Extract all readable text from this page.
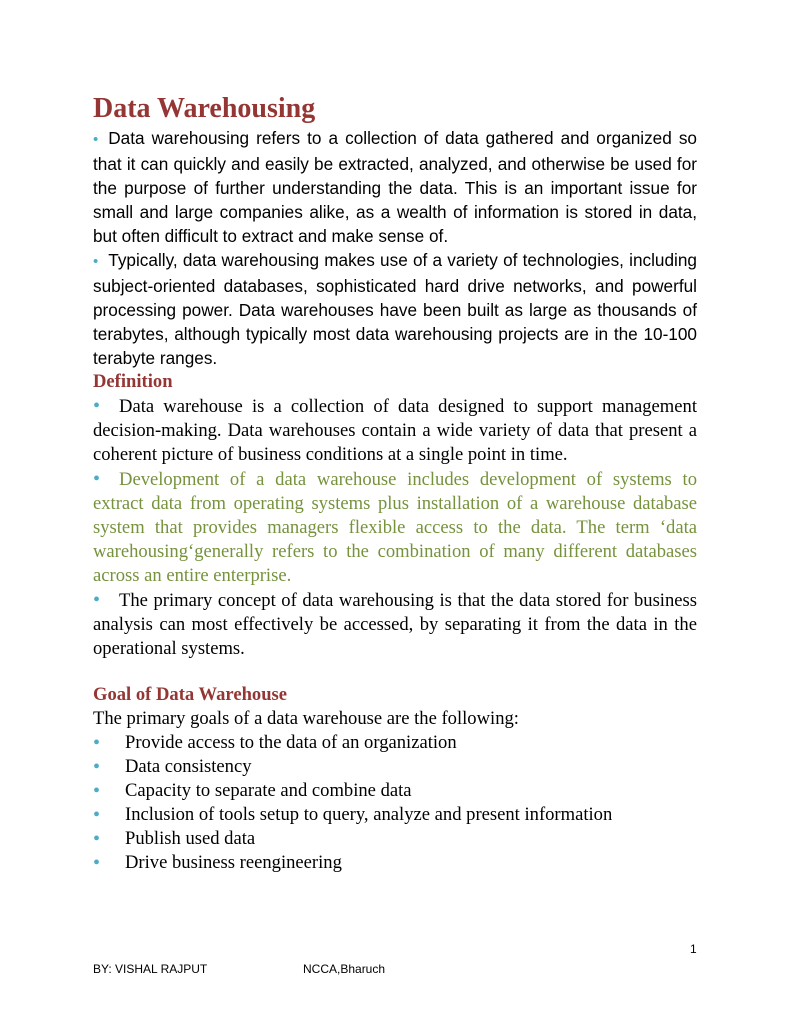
Data Warehousing

• Data warehousing refers to a collection of data gathered and organized so that it can quickly and easily be extracted, analyzed, and otherwise be used for the purpose of further understanding the data. This is an important issue for small and large companies alike, as a wealth of information is stored in data, but often difficult to extract and make sense of.

• Typically, data warehousing makes use of a variety of technologies, including subject-oriented databases, sophisticated hard drive networks, and powerful processing power. Data warehouses have been built as large as thousands of terabytes, although typically most data warehousing projects are in the 10-100 terabyte ranges.

Definition

• Data warehouse is a collection of data designed to support management decision-making. Data warehouses contain a wide variety of data that present a coherent picture of business conditions at a single point in time.

• Development of a data warehouse includes development of systems to extract data from operating systems plus installation of a warehouse database system that provides managers flexible access to the data. The term ‘data warehousing‘generally refers to the combination of many different databases across an entire enterprise.

• The primary concept of data warehousing is that the data stored for business analysis can most effectively be accessed, by separating it from the data in the operational systems.

Goal of Data Warehouse

The primary goals of a data warehouse are the following:

• Provide access to the data of an organization
• Data consistency
• Capacity to separate and combine data
• Inclusion of tools setup to query, analyze and present information
• Publish used data
• Drive business reengineering
1
BY: VISHAL RAJPUT	NCCA,Bharuch
